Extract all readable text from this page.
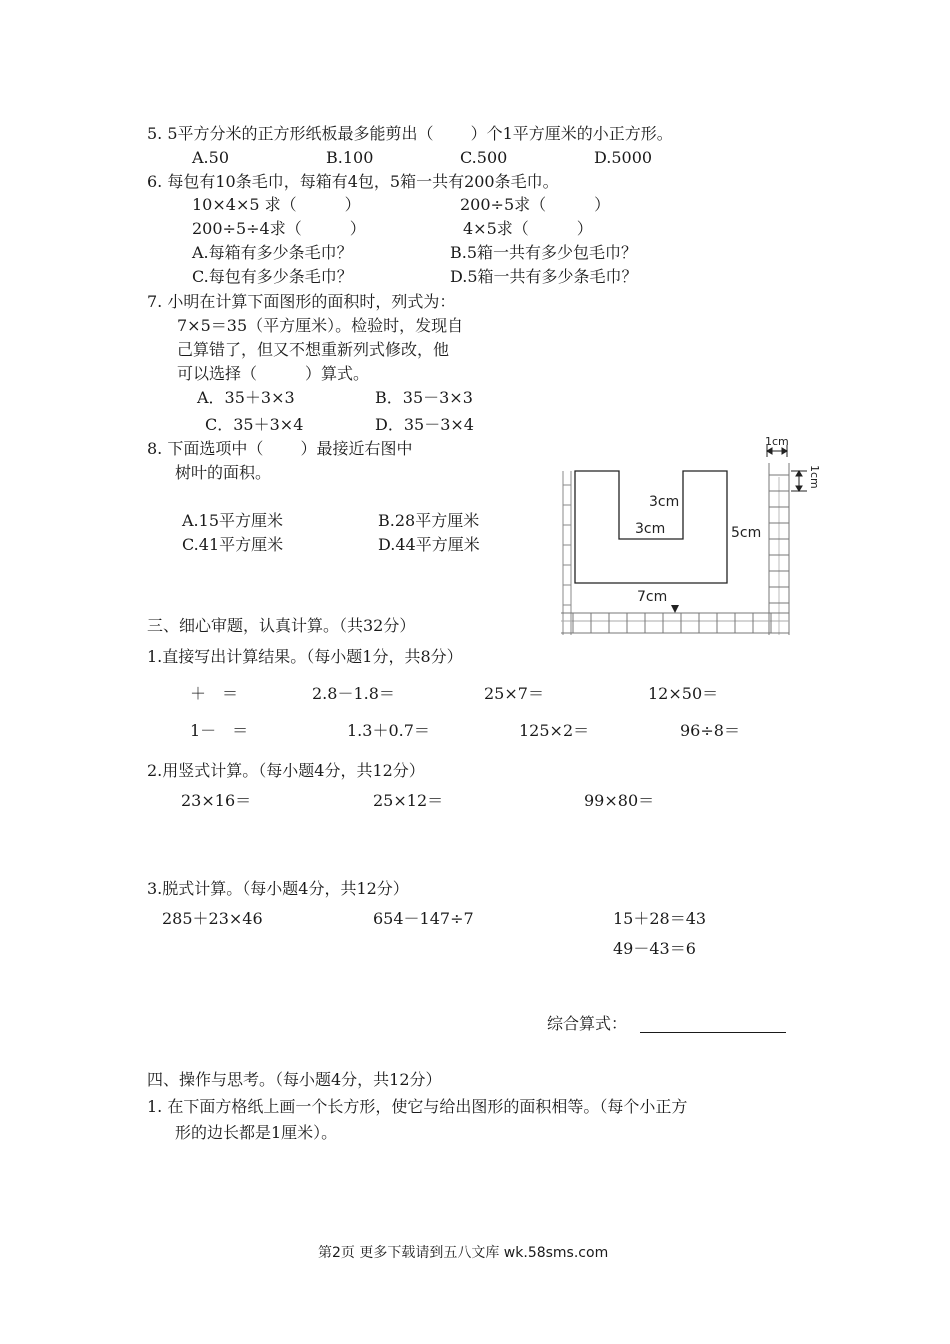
5. 5平方分米的正方形纸板最多能剪出（　　 ）个1平方厘米的小正方形。
A.50	B.100	C.500	D.5000
6. 每包有10条毛巾，每箱有4包，5箱一共有200条毛巾。
10×4×5 求（　　　）	200÷5求（　　　）
200÷5÷4求（　　　）	4×5求（　　　）
A.每箱有多少条毛巾？	B.5箱一共有多少包毛巾？
C.每包有多少条毛巾？	D.5箱一共有多少条毛巾？
7. 小明在计算下面图形的面积时，列式为：
7×5＝35（平方厘米）。检验时，发现自
己算错了，但又不想重新列式修改，他
可以选择（　　　）算式。
A．35＋3×3	B．35－3×3
C．35＋3×4	D．35－3×4
8. 下面选项中（　　 ）最接近右图中
树叶的面积。
A.15平方厘米	B.28平方厘米
C.41平方厘米	D.44平方厘米
1cm
1cm
3cm
3cm	5cm
7cm
三、细心审题，认真计算。（共32分）
1.直接写出计算结果。（每小题1分，共8分）
＋　＝	2.8－1.8＝	25×7＝	12×50＝
1－　＝	1.3＋0.7＝	125×2＝	96÷8＝
2.用竖式计算。（每小题4分，共12分）
23×16＝	25×12＝	99×80＝
3.脱式计算。（每小题4分，共12分）
285＋23×46	654－147÷7	15＋28＝43
49－43＝6
综合算式：
四、操作与思考。（每小题4分，共12分）
1. 在下面方格纸上画一个长方形，使它与给出图形的面积相等。（每个小正方
形的边长都是1厘米）。
第2页 更多下载请到五八文库 wk.58sms.com
